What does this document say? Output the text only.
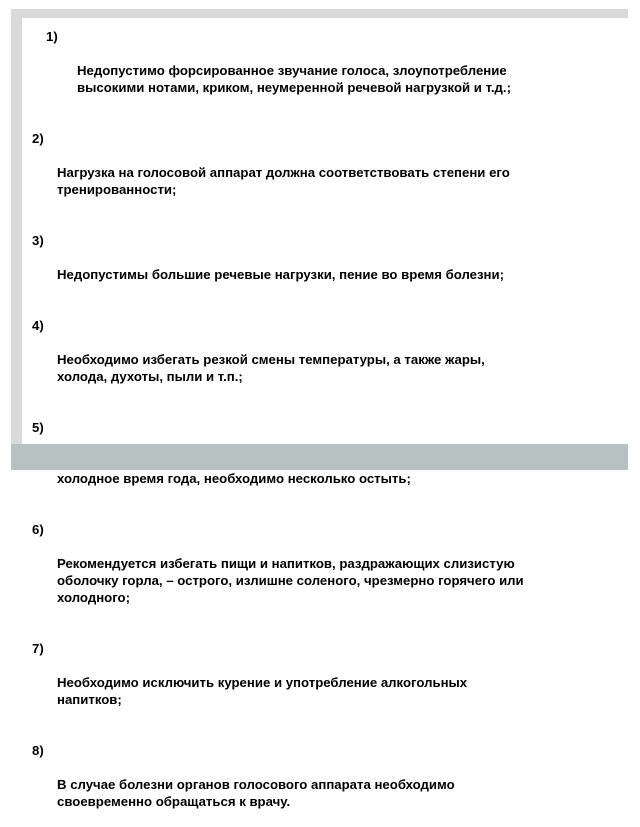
1)

Недопустимо форсированное звучание голоса, злоупотребление
высокими нотами, криком, неумеренной речевой нагрузкой и т.д.;

2)

Нагрузка на голосовой аппарат должна соответствовать степени его
тренированности;

3)

Недопустимы большие речевые нагрузки, пение во время болезни;

4)

Необходимо избегать резкой смены температуры, а также жары,
холода, духоты, пыли и т.п.;

5)

холодное время года, необходимо несколько остыть;

6)

Рекомендуется избегать пищи и напитков, раздражающих слизистую
оболочку горла, – острого, излишне соленого, чрезмерно горячего или
холодного;

7)

Необходимо исключить курение и употребление алкогольных
напитков;

8)

В случае болезни органов голосового аппарата необходимо
своевременно обращаться к врачу.
